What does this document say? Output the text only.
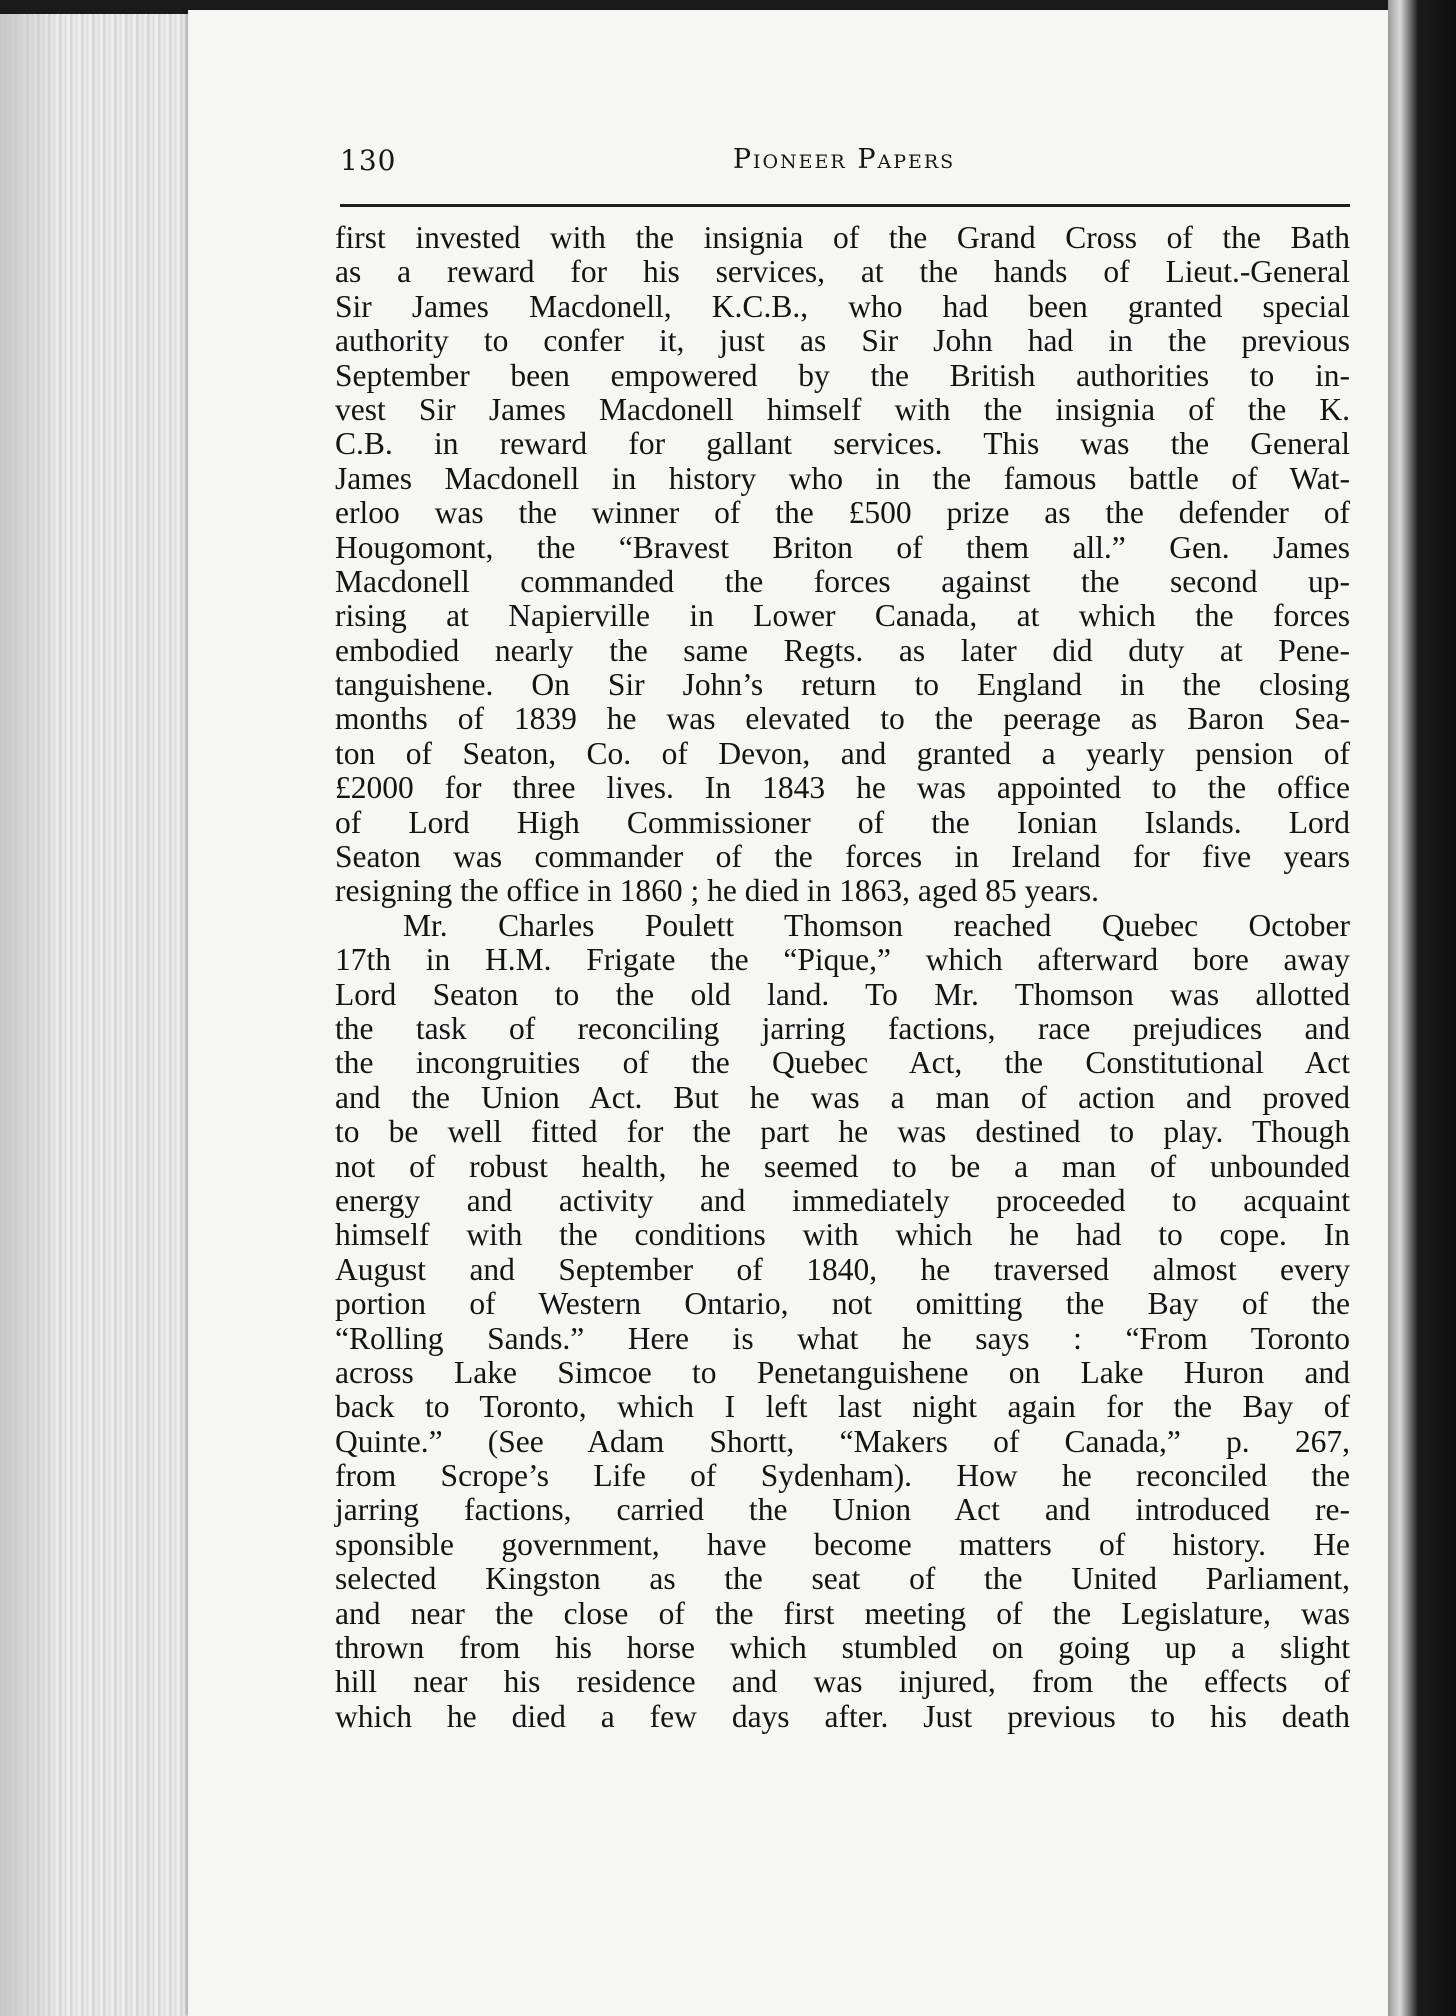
130	Pioneer Papers
first invested with the insignia of the Grand Cross of the Bath
as a reward for his services, at the hands of Lieut.-General
Sir James Macdonell, K.C.B., who had been granted special
authority to confer it, just as Sir John had in the previous
September been empowered by the British authorities to in-
vest Sir James Macdonell himself with the insignia of the K.
C.B. in reward for gallant services. This was the General
James Macdonell in history who in the famous battle of Wat-
erloo was the winner of the £500 prize as the defender of
Hougomont, the “Bravest Briton of them all.” Gen. James
Macdonell commanded the forces against the second up-
rising at Napierville in Lower Canada, at which the forces
embodied nearly the same Regts. as later did duty at Pene-
tanguishene. On Sir John’s return to England in the closing
months of 1839 he was elevated to the peerage as Baron Sea-
ton of Seaton, Co. of Devon, and granted a yearly pension of
£2000 for three lives. In 1843 he was appointed to the office
of Lord High Commissioner of the Ionian Islands. Lord
Seaton was commander of the forces in Ireland for five years
resigning the office in 1860 ; he died in 1863, aged 85 years.
Mr. Charles Poulett Thomson reached Quebec October
17th in H.M. Frigate the “Pique,” which afterward bore away
Lord Seaton to the old land. To Mr. Thomson was allotted
the task of reconciling jarring factions, race prejudices and
the incongruities of the Quebec Act, the Constitutional Act
and the Union Act. But he was a man of action and proved
to be well fitted for the part he was destined to play. Though
not of robust health, he seemed to be a man of unbounded
energy and activity and immediately proceeded to acquaint
himself with the conditions with which he had to cope. In
August and September of 1840, he traversed almost every
portion of Western Ontario, not omitting the Bay of the
“Rolling Sands.” Here is what he says : “From Toronto
across Lake Simcoe to Penetanguishene on Lake Huron and
back to Toronto, which I left last night again for the Bay of
Quinte.” (See Adam Shortt, “Makers of Canada,” p. 267,
from Scrope’s Life of Sydenham). How he reconciled the
jarring factions, carried the Union Act and introduced re-
sponsible government, have become matters of history. He
selected Kingston as the seat of the United Parliament,
and near the close of the first meeting of the Legislature, was
thrown from his horse which stumbled on going up a slight
hill near his residence and was injured, from the effects of
which he died a few days after. Just previous to his death
